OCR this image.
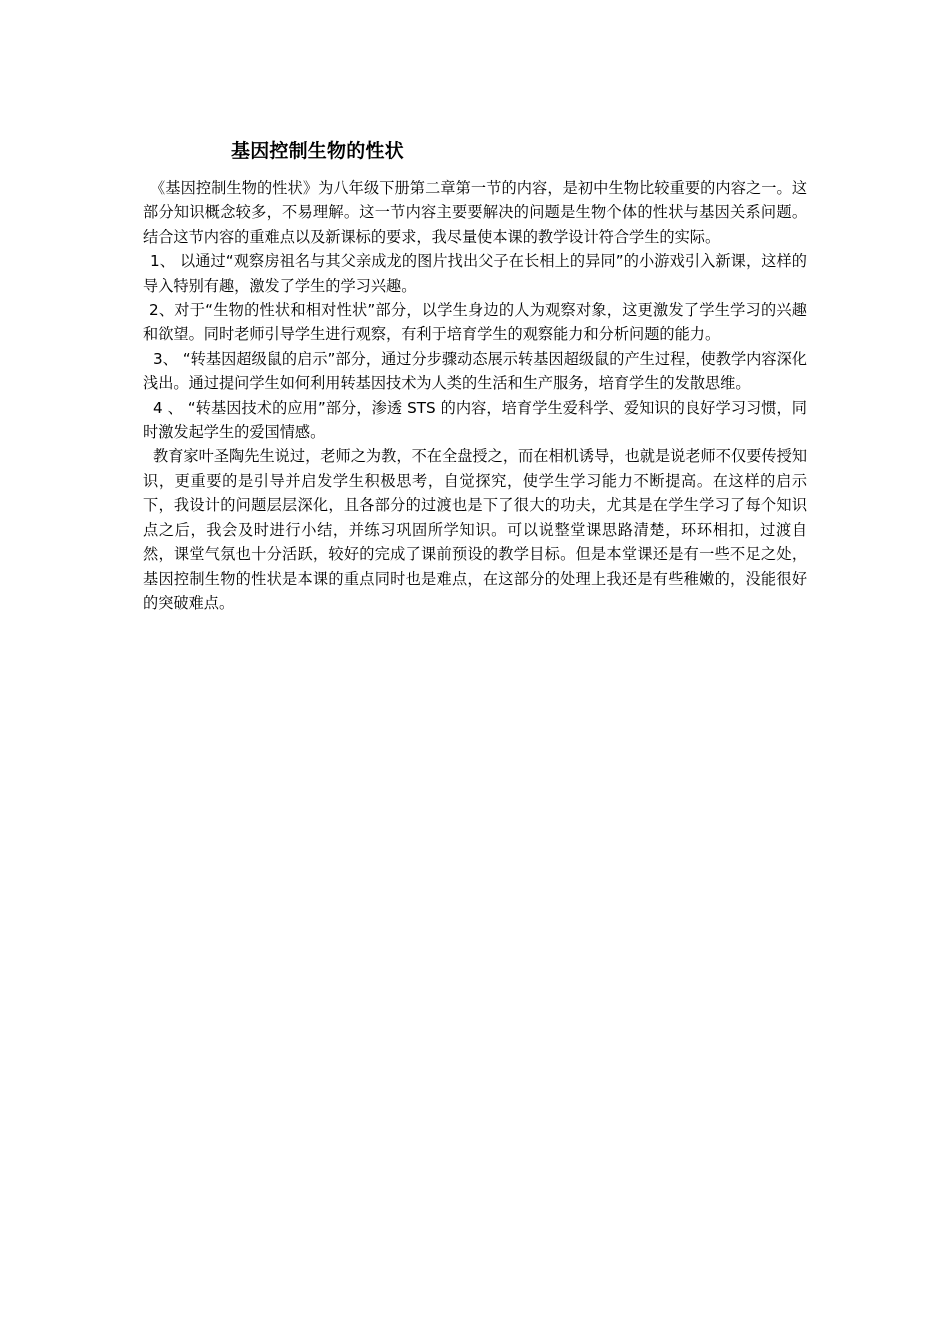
基因控制生物的性状

《基因控制生物的性状》为八年级下册第二章第一节的内容，是初中生物比较重要的内容之一。这部分知识概念较多，不易理解。这一节内容主要要解决的问题是生物个体的性状与基因关系问题。结合这节内容的重难点以及新课标的要求，我尽量使本课的教学设计符合学生的实际。

1、 以通过“观察房祖名与其父亲成龙的图片找出父子在长相上的异同”的小游戏引入新课，这样的导入特别有趣，激发了学生的学习兴趣。

2、对于“生物的性状和相对性状”部分，以学生身边的人为观察对象，这更激发了学生学习的兴趣和欲望。同时老师引导学生进行观察，有利于培育学生的观察能力和分析问题的能力。

3、 “转基因超级鼠的启示”部分，通过分步骤动态展示转基因超级鼠的产生过程，使教学内容深化浅出。通过提问学生如何利用转基因技术为人类的生活和生产服务，培育学生的发散思维。

4 、 “转基因技术的应用”部分，渗透 STS 的内容，培育学生爱科学、爱知识的良好学习习惯，同时激发起学生的爱国情感。

教育家叶圣陶先生说过，老师之为教，不在全盘授之，而在相机诱导，也就是说老师不仅要传授知识，更重要的是引导并启发学生积极思考，自觉探究，使学生学习能力不断提高。在这样的启示下，我设计的问题层层深化，且各部分的过渡也是下了很大的功夫，尤其是在学生学习了每个知识点之后，我会及时进行小结，并练习巩固所学知识。可以说整堂课思路清楚，环环相扣，过渡自然，课堂气氛也十分活跃，较好的完成了课前预设的教学目标。但是本堂课还是有一些不足之处，基因控制生物的性状是本课的重点同时也是难点，在这部分的处理上我还是有些稚嫩的，没能很好的突破难点。
